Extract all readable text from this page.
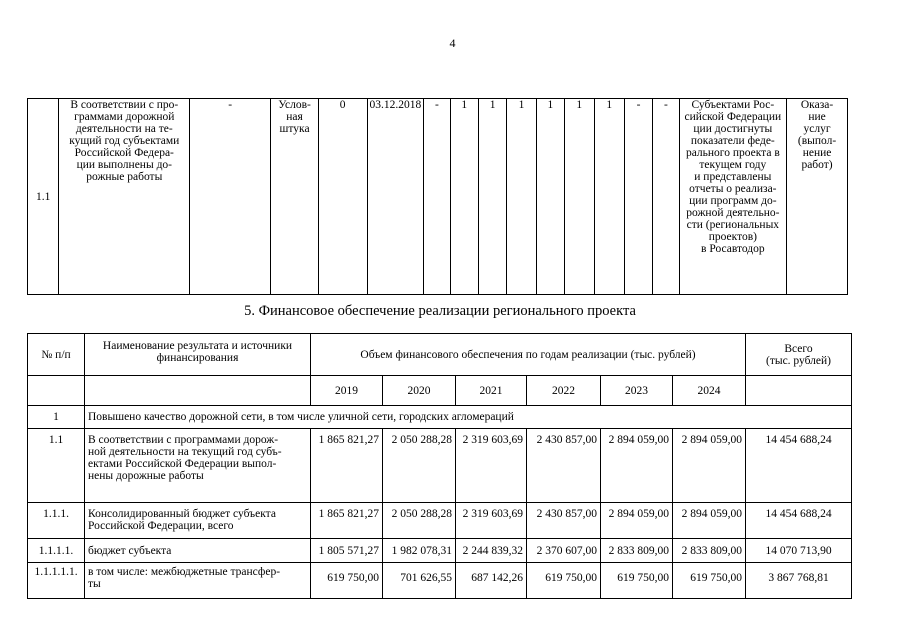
4
1.1	В соответствии с про-
граммами дорожной
деятельности на те-
кущий год субъектами
Российской Федера-
ции выполнены до-
рожные работы	-	Услов-
ная
штука	0	03.12.2018	-	1	1	1	1	1	1	-	-	Субъектами Рос-
сийской Федерации
ции достигнуты
показатели феде-
рального проекта в
текущем году
и представлены
отчеты о реализа-
ции программ до-
рожной деятельно-
сти (региональных
проектов)
в Росавтодор	Оказа-
ние
услуг
(выпол-
нение
работ)
5. Финансовое обеспечение реализации регионального проекта
№ п/п	Наименование результата и источники
финансирования	Объем финансового обеспечения по годам реализации (тыс. рублей)						Всего
(тыс. рублей)
		2019	2020	2021	2022	2023	2024	
1	Повышено качество дорожной сети, в том числе уличной сети, городских агломераций							
1.1	В соответствии с программами дорож-
ной деятельности на текущий год субъ-
ектами Российской Федерации выпол-
нены дорожные работы	1 865 821,27	2 050 288,28	2 319 603,69	2 430 857,00	2 894 059,00	2 894 059,00	14 454 688,24
1.1.1.	Консолидированный бюджет субъекта
Российской Федерации, всего	1 865 821,27	2 050 288,28	2 319 603,69	2 430 857,00	2 894 059,00	2 894 059,00	14 454 688,24
1.1.1.1.	бюджет субъекта	1 805 571,27	1 982 078,31	2 244 839,32	2 370 607,00	2 833 809,00	2 833 809,00	14 070 713,90
1.1.1.1.1.	в том числе: межбюджетные трансфер-
ты	619 750,00	701 626,55	687 142,26	619 750,00	619 750,00	619 750,00	3 867 768,81
